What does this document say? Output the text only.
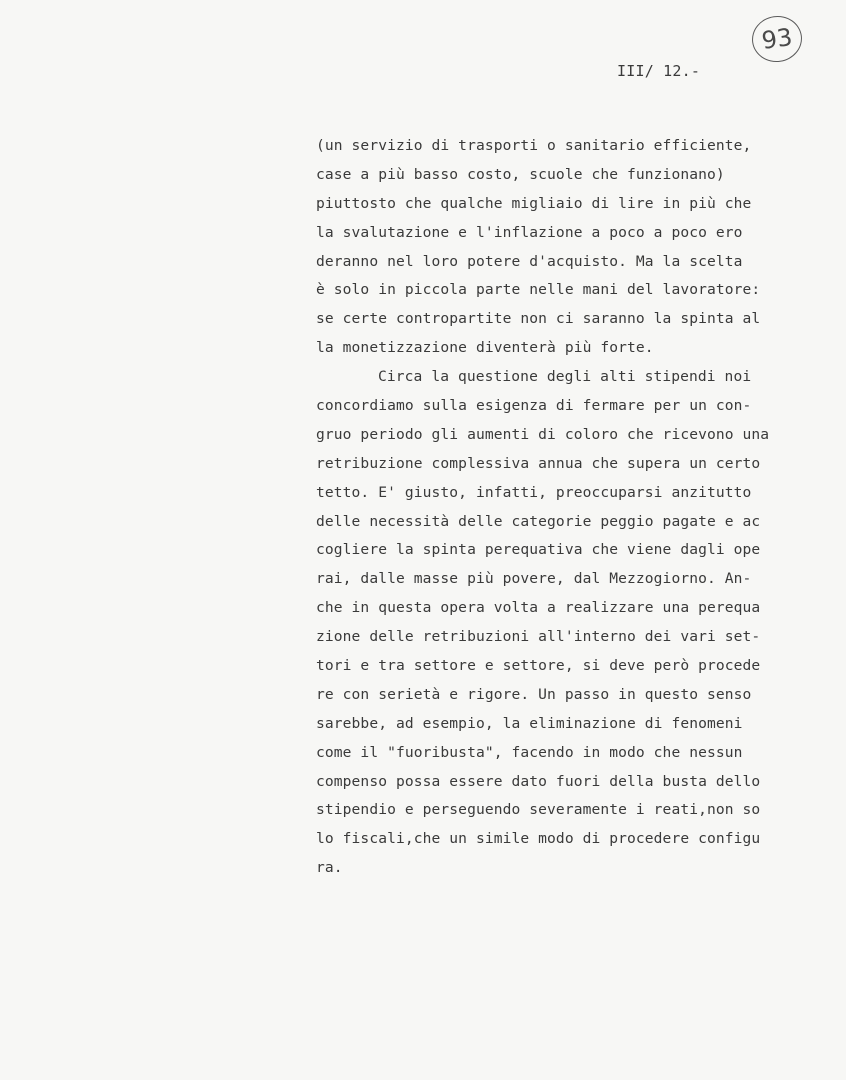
93
III/ 12.-
(un servizio di trasporti o sanitario efficiente,
case a più basso costo, scuole che funzionano)
piuttosto che qualche migliaio di lire in più che
la svalutazione e l'inflazione a poco a poco ero
deranno nel loro potere d'acquisto. Ma la scelta
è solo in piccola parte nelle mani del lavoratore:
se certe contropartite non ci saranno la spinta al
la monetizzazione diventerà più forte.
Circa la questione degli alti stipendi noi
concordiamo sulla esigenza di fermare per un con-
gruo periodo gli aumenti di coloro che ricevono una
retribuzione complessiva annua che supera un certo
tetto. E' giusto, infatti, preoccuparsi anzitutto
delle necessità delle categorie peggio pagate e ac
cogliere la spinta perequativa che viene dagli ope
rai, dalle masse più povere, dal Mezzogiorno. An-
che in questa opera volta a realizzare una perequa
zione delle retribuzioni all'interno dei vari set-
tori e tra settore e settore, si deve però procede
re con serietà e rigore. Un passo in questo senso
sarebbe, ad esempio, la eliminazione di fenomeni
come il "fuoribusta", facendo in modo che nessun
compenso possa essere dato fuori della busta dello
stipendio e perseguendo severamente i reati,non so
lo fiscali,che un simile modo di procedere configu
ra.
